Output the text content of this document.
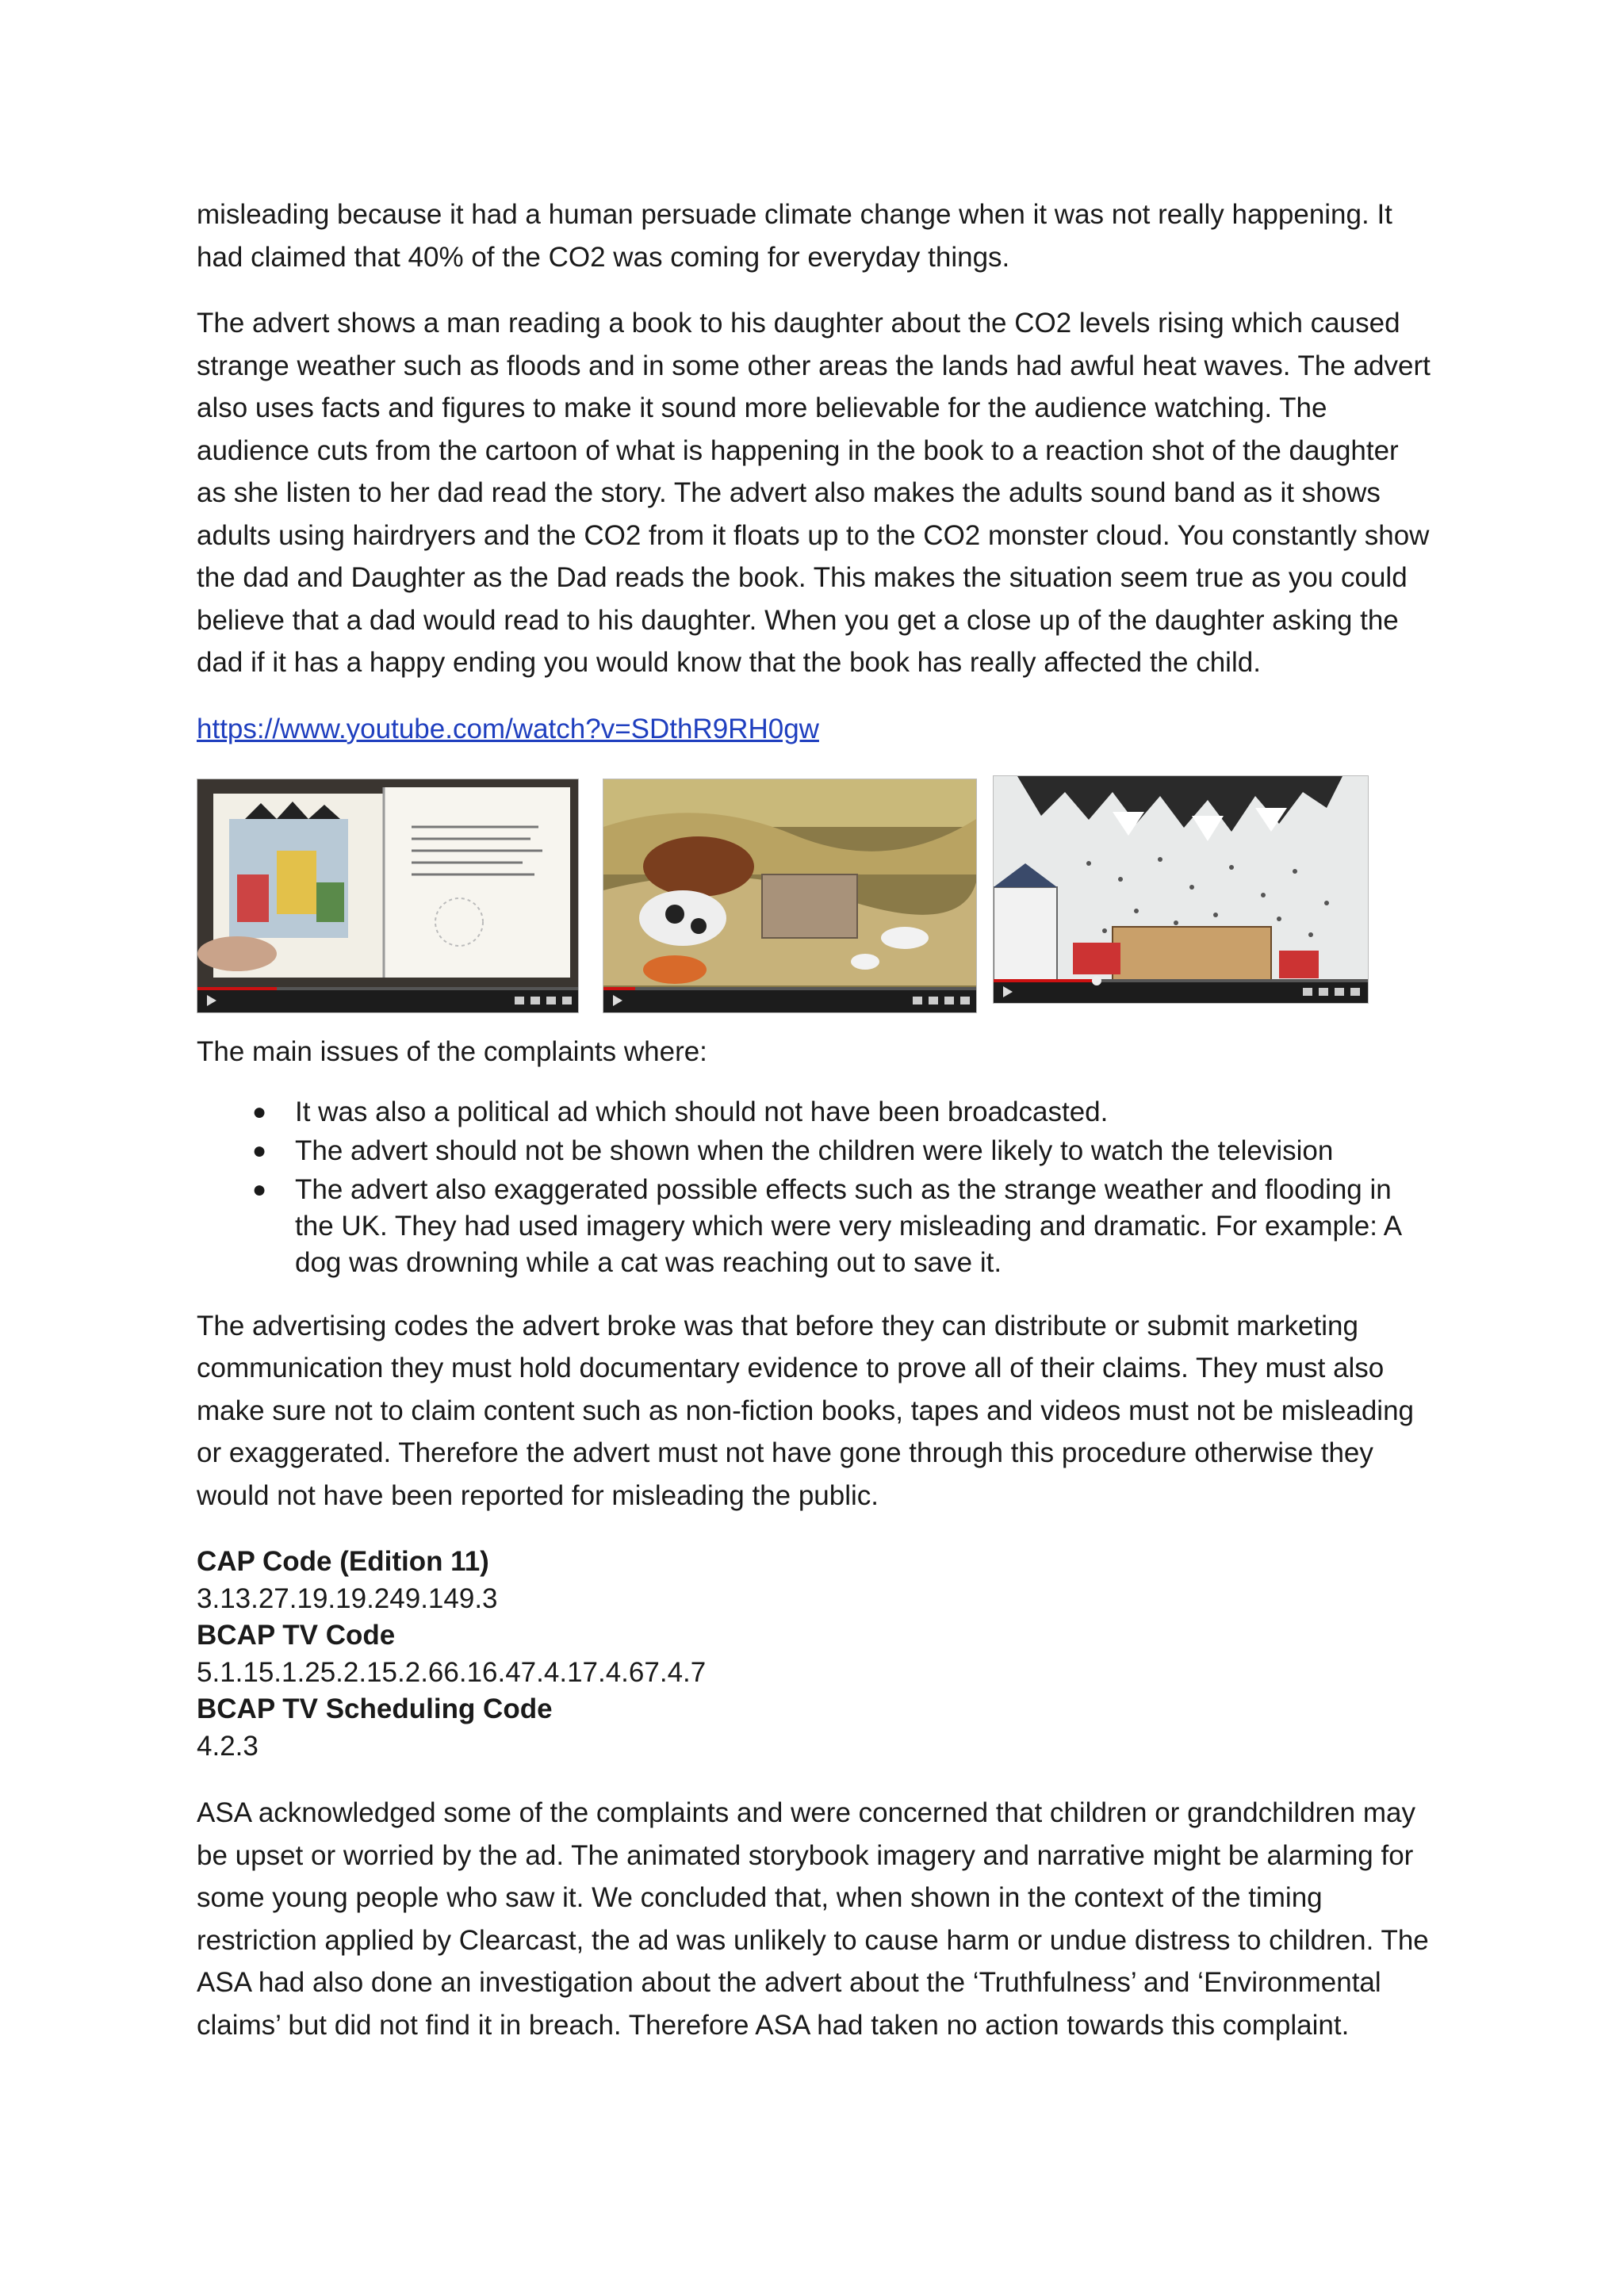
misleading because it had a human persuade climate change when it was not really happening. It had claimed that 40% of the CO2 was coming for everyday things.

The advert shows a man reading a book to his daughter about the CO2 levels rising which caused strange weather such as floods and in some other areas the lands had awful heat waves. The advert also uses facts and figures to make it sound more believable for the audience watching. The audience cuts from the cartoon of what is happening in the book to a reaction shot of the daughter as she listen to her dad read the story. The advert also makes the adults sound band as it shows adults using hairdryers and the CO2 from it floats up to the CO2 monster cloud. You constantly show the dad and Daughter as the Dad reads the book. This makes the situation seem true as you could believe that a dad would read to his daughter. When you get a close up of the daughter asking the dad if it has a happy ending you would know that the book has really affected the child.

https://www.youtube.com/watch?v=SDthR9RH0gw

The main issues of the complaints where:

● It was also a political ad which should not have been broadcasted.
● The advert should not be shown when the children were likely to watch the television
● The advert also exaggerated possible effects such as the strange weather and flooding in the UK. They had used imagery which were very misleading and dramatic. For example: A dog was drowning while a cat was reaching out to save it.

The advertising codes the advert broke was that before they can distribute or submit marketing communication they must hold documentary evidence to prove all of their claims. They must also make sure not to claim content such as non-fiction books, tapes and videos must not be misleading or exaggerated. Therefore the advert must not have gone through this procedure otherwise they would not have been reported for misleading the public.

CAP Code (Edition 11)
3.13.27.19.19.249.149.3
BCAP TV Code
5.1.15.1.25.2.15.2.66.16.47.4.17.4.67.4.7
BCAP TV Scheduling Code
4.2.3

ASA acknowledged some of the complaints and were concerned that children or grandchildren may be upset or worried by the ad. The animated storybook imagery and narrative might be alarming for some young people who saw it. We concluded that, when shown in the context of the timing restriction applied by Clearcast, the ad was unlikely to cause harm or undue distress to children. The ASA had also done an investigation about the advert about the ‘Truthfulness’ and ‘Environmental claims’ but did not find it in breach. Therefore ASA had taken no action towards this complaint.
